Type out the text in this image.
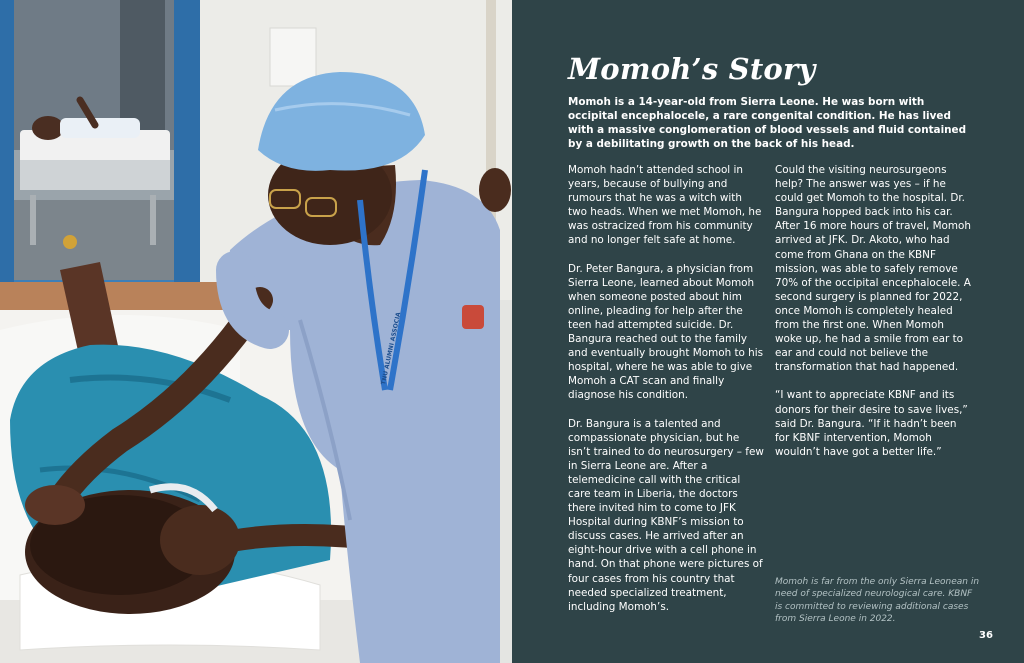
TNU ALUMNI ASSOCIA
Momoh’s Story

Momoh is a 14-year-old from Sierra Leone. He was born with occipital encephalocele, a rare congenital condition. He has lived with a massive conglomeration of blood vessels and fluid contained by a debilitating growth on the back of his head.

Momoh hadn’t attended school in years, because of bullying and rumours that he was a witch with two heads. When we met Momoh, he was ostracized from his community and no longer felt safe at home.

Dr. Peter Bangura, a physician from Sierra Leone, learned about Momoh when someone posted about him online, pleading for help after the teen had attempted suicide. Dr. Bangura reached out to the family and eventually brought Momoh to his hospital, where he was able to give Momoh a CAT scan and finally diagnose his condition.

Dr. Bangura is a talented and compassionate physician, but he isn’t trained to do neurosurgery – few in Sierra Leone are. After a telemedicine call with the critical care team in Liberia, the doctors there invited him to come to JFK Hospital during KBNF’s mission to discuss cases. He arrived after an eight-hour drive with a cell phone in hand. On that phone were pictures of four cases from his country that needed specialized treatment, including Momoh’s.

Could the visiting neurosurgeons help? The answer was yes – if he could get Momoh to the hospital. Dr. Bangura hopped back into his car. After 16 more hours of travel, Momoh arrived at JFK. Dr. Akoto, who had come from Ghana on the KBNF mission, was able to safely remove 70% of the occipital encephalocele. A second surgery is planned for 2022, once Momoh is completely healed from the first one. When Momoh woke up, he had a smile from ear to ear and could not believe the transformation that had happened.

“I want to appreciate KBNF and its donors for their desire to save lives,” said Dr. Bangura. “If it hadn’t been for KBNF intervention, Momoh wouldn’t have got a better life.”

Momoh is far from the only Sierra Leonean in need of specialized neurological care. KBNF is committed to reviewing additional cases from Sierra Leone in 2022.

36
